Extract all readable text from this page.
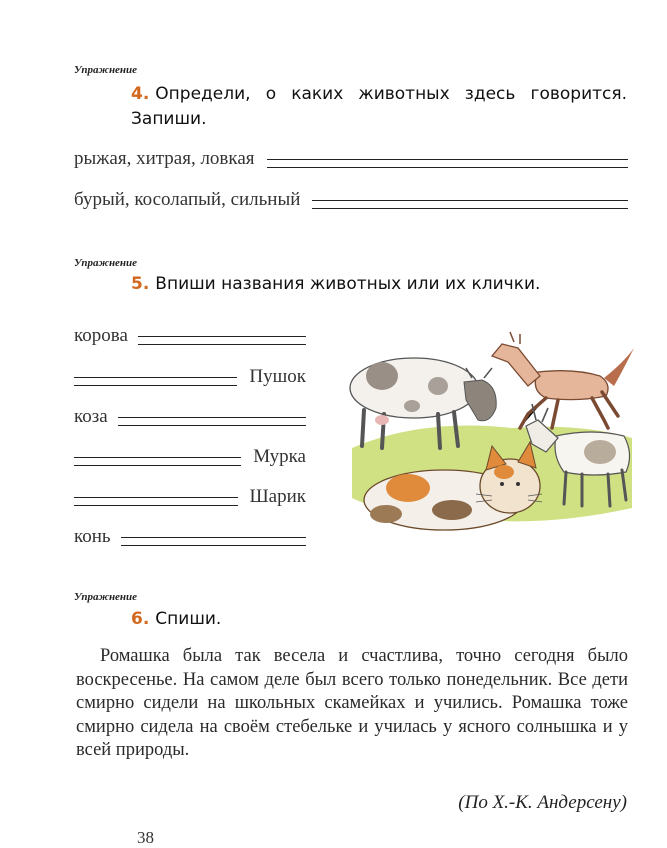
Упражнение
4. Определи, о каких животных здесь говорится. Запиши.
рыжая, хитрая, ловкая
бурый, косолапый, сильный
Упражнение
5. Впиши названия животных или их клички.
корова
Пушок
коза
Мурка
Шарик
конь
Упражнение
6. Спиши.

Ромашка была так весела и счастлива, точно сегодня было воскресенье. На самом деле был всего только понедельник. Все дети смирно сидели на школьных скамейках и учились. Ромашка тоже смирно сидела на своём стебельке и училась у ясного солнышка и у всей природы.

(По Х.-К. Андерсену)
38
